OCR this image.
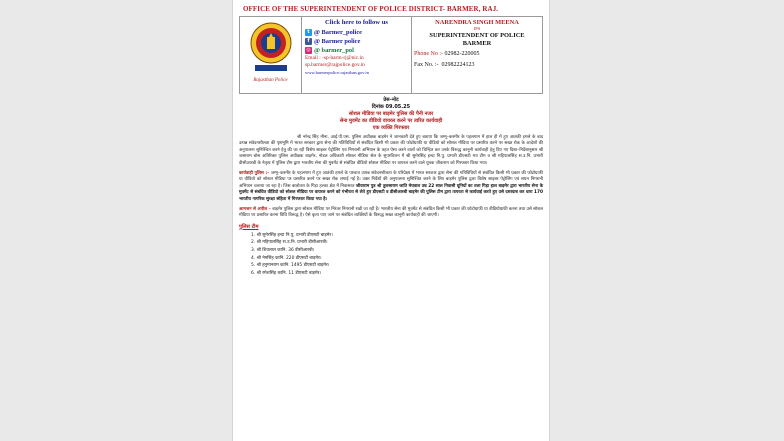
OFFICE OF THE SUPERINTENDENT OF POLICE DISTRICT- BARMER, RAJ.
Rajasthan Police
Click here to follow us
t @ Barmer_police
f @ Barmer police
◎ @ barmer_pol
Email : -sp-barm-rj@nic.in
sp.barmer@rajpolice.gov.in
www.barmerpolice.rajasthan.gov.in
NARENDRA SINGH MEENA
IPS
SUPERINTENDENT OF POLICE
BARMER
Phone No :- 02982-220005
Fax No. :- 02982224123
प्रेस–नोट
दिनांक 09.05.25
सोशल मीडिया पर बाड़मेर पुलिस की पैनी नजर
सेना मुवमेंट का वीडियो वायरल करने पर त्वरित कार्यवाही
एक व्यक्ति गिरफ्तार

श्री नरेन्द्र सिंह मीना, आई.पी.एस. पुलिस अधीक्षक बाड़मेर ने जानकारी देते हुए बताया कि जम्मू–कश्मीर के पहलगाम में हाल ही में हुए आतंकी हमले के बाद उत्पन्न संवेदनशीलता की पृष्ठभूमि में भारत सरकार द्वारा सेना की गतिविधियों से संबंधित किसी भी प्रकार की फोटोग्राफी या वीडियो को सोशल मीडिया पर प्रसारित करने पर सख्त रोक के आदेशों की अनुपालना सुनिश्चित करने हेतु की जा रही विशेष साइबर पेट्रोलिंग एवं निगरानी अभियान के तहत ऐसा करने वालों को चिन्हित कर उनके विरूद्ध कानूनी कार्यवाही हेतु दिए गए दिशा–निर्देशानुसार श्री जसाराम बोस अतिरिक्त पुलिस अधीक्षक बाड़मेर, नोडल अधिकारी सोशल मीडिया सेल के सुपरविजन में श्री सुमेरसिंह इन्दा नि.पु. प्रभारी डीएसटी मय टीम व श्री महिपालसिंह स.उ.नि. प्रभारी डीसीआरबी के नेतृत्व में पुलिस टीम द्वारा भारतीय सेना की मुवमेंट से संबंधित वीडियो सोशल मीडिया पर वायरल करने वाले युवक जीवाराम को गिरफ्तार किया गया।

कार्यवाही पुलिस :– जम्मू–कश्मीर के पहलगाम में हुए आतंकी हमले के पश्चात उत्पन्न संवेदनशीलता के परिप्रेक्ष्य में भारत सरकार द्वारा सेना की गतिविधियों से संबंधित किसी भी प्रकार की फोटोग्राफी या वीडियो को सोशल मीडिया पर प्रसारित करने पर सख्त रोक लगाई गई है। उक्त निर्देशों की अनुपालना सुनिश्चित करने के लिए बाड़मेर पुलिस द्वारा विशेष साइबर पेट्रोलिंग एवं सघन निगरानी अभियान चलाया जा रहा है। जिस बालोतरा के गिड़ा हल्का क्षेत्र में निवासरत जीवाराम पुत्र श्री तुलसाराम जाति मेघवाल उम्र 22 साल निवासी घूनियों का तला गिड़ा हाल बाड़मेर द्वारा भारतीय सेना के मुवमेंट से संबंधित वीडियो को सोशल मीडिया पर वायरल करने को गंभीरता से लेते हुए डीएसटी व डीसीआरबी बाड़मेर की पुलिस टीम द्वारा तत्परता से कार्यवाई करते हुए उसे दस्तयाब कर धारा 170 भारतीय नागरिक सुरक्षा संहिता में गिरफ्तार किया गया है।

आमजन से अपील – बाड़मेर पुलिस द्वारा सोशल मीडिया पर निरंतर निगरानी रखी जा रही है। भारतीय सेना की मुवमेंट से संबंधित किसी भी प्रकार की फोटोग्राफी या वीडियोग्राफी करना तथा उसे सोशल मीडिया पर प्रसारित करना विधि विरूद्ध है। ऐसे कृत्य पाए जाने पर संबंधित व्यक्तियों के विरूद्ध सख्त कानूनी कार्यवाही की जाएगी।

पुलिस टीम
1. श्री सुमेरसिंह इन्दा नि.पु. प्रभारी डीएसटी बाड़मेर।
2. श्री महिपालसिंह स.उ.नि. प्रभारी डीसीआरबी।
3. श्री शिवलाल कानि. 36 डीसीआरबी।
4. श्री नेमसिंह कानि. 220 डीएसटी बाड़मेर।
5. श्री हनुमानराम कानि. 1495 डीएसटी बाड़मेर।
6. श्री रमेशसिंह कानि. 11 डीएसटी बाड़मेर।
